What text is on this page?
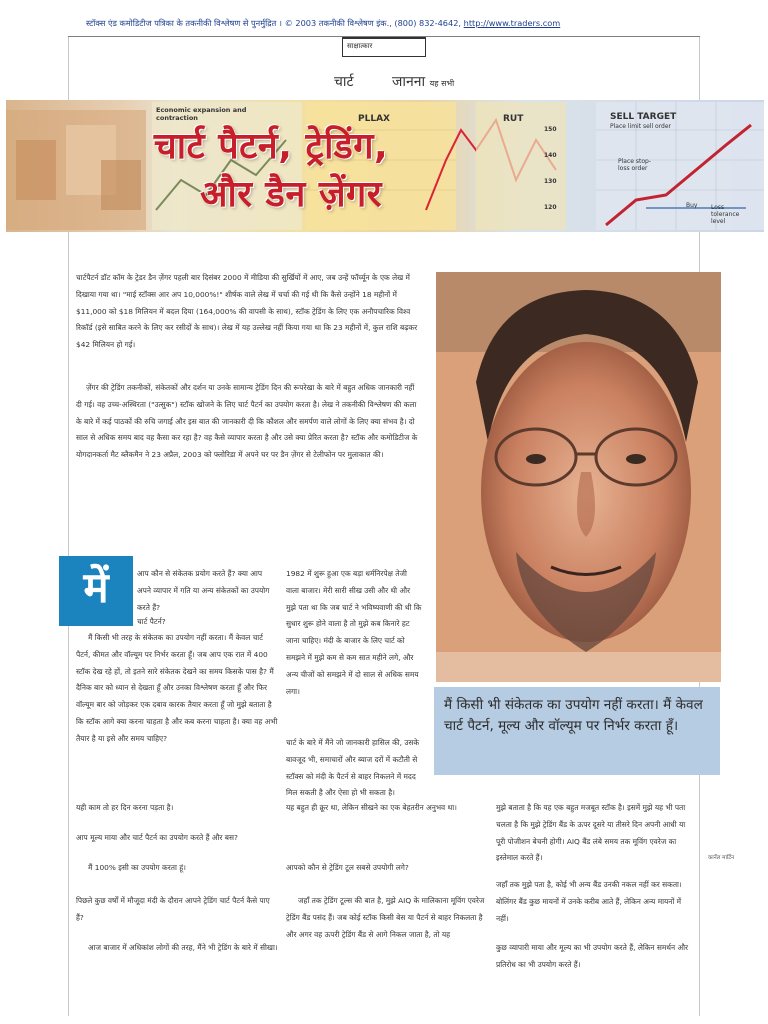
स्टॉक्स एंड कमोडिटीज पत्रिका के तकनीकी विश्लेषण से पुनर्मुद्रित । © 2003 तकनीकी विश्लेषण इंक., (800) 832-4642, http://www.traders.com
साक्षात्कार
चार्ट	जानना यह सभी
Economic expansion and contraction	PLLAX	RUT
150
140
130
120
SELL TARGET
Place limit sell order
Place stop-loss order
Buy Loss tolerance level
चार्ट पैटर्न, ट्रेडिंग,
और डैन ज़ेंगर
चार्टपैटर्न डॉट कॉम के ट्रेडर डैन ज़ेंगर पहली बार दिसंबर 2000 में मीडिया की सुर्खियों में आए, जब उन्हें फॉर्च्यून के एक लेख में दिखाया गया था। "माई स्टॉक्स आर अप 10,000%!" शीर्षक वाले लेख में चर्चा की गई थी कि कैसे उन्होंने 18 महीनों में $11,000 को $18 मिलियन में बदल दिया (164,000% की वापसी के साथ), स्टॉक ट्रेडिंग के लिए एक अनौपचारिक विश्व रिकॉर्ड (इसे साबित करने के लिए कर रसीदों के साथ)। लेख में यह उल्लेख नहीं किया गया था कि 23 महीनों में, कुल राशि बढ़कर $42 मिलियन हो गई।
ज़ेंगर की ट्रेडिंग तकनीकों, संकेतकों और दर्शन या उनके सामान्य ट्रेडिंग दिन की रूपरेखा के बारे में बहुत अधिक जानकारी नहीं दी गई। वह उच्च-अस्थिरता ("उत्सुक") स्टॉक खोजने के लिए चार्ट पैटर्न का उपयोग करता है। लेख ने तकनीकी विश्लेषण की कला के बारे में कई पाठकों की रुचि जगाई और इस बात की जानकारी दी कि कौशल और समर्पण वाले लोगों के लिए क्या संभव है। दो साल से अधिक समय बाद वह कैसा कर रहा है? वह कैसे व्यापार करता है और उसे क्या प्रेरित करता है? स्टॉक और कमोडिटीज के योगदानकर्ता मैट ब्लैकमैन ने 23 अप्रैल, 2003 को फ्लोरिडा में अपने घर पर डैन ज़ेंगर से टेलीफोन पर मुलाकात की।
मैं किसी भी संकेतक का उपयोग नहीं करता। मैं केवल चार्ट पैटर्न, मूल्य और वॉल्यूम पर निर्भर करता हूँ।
में	आप कौन से संकेतक प्रयोग करते हैं? क्या आप अपने व्यापार में गति या अन्य संकेतकों का उपयोग करते हैं?
चार्ट पैटर्न?
मैं किसी भी तरह के संकेतक का उपयोग नहीं करता। मैं केवल चार्ट पैटर्न, कीमत और वॉल्यूम पर निर्भर करता हूँ। जब आप एक रात में 400 स्टॉक देख रहे हों, तो इतने सारे संकेतक देखने का समय किसके पास है? मैं दैनिक बार को ध्यान से देखता हूँ और उनका विश्लेषण करता हूँ और फिर वॉल्यूम बार को जोड़कर एक दबाव कारक तैयार करता हूँ जो मुझे बताता है कि स्टॉक आगे क्या करना चाहता है और कब करना चाहता है। क्या वह अभी तैयार है या इसे और समय चाहिए?
1982 में शुरू हुआ एक बड़ा धर्मनिरपेक्ष तेजी वाला बाजार। मेरी सारी सीख उसी और थी और मुझे पता था कि जब चार्ट ने भविष्यवाणी की थी कि सुधार शुरू होने वाला है तो मुझे कब किनारे हट जाना चाहिए। मंदी के बाजार के लिए चार्ट को समझने में मुझे कम से कम सात महीने लगे, और अन्य चीजों को समझने में दो साल से अधिक समय लगा।
चार्ट के बारे में मैंने जो जानकारी हासिल की, उसके बावजूद भी, समाचारों और ब्याज दरों में कटौती से स्टॉक्स को मंदी के पैटर्न से बाहर निकलने में मदद मिल सकती है और ऐसा हो भी सकता है।
यही काम तो हर दिन करना पड़ता है।
आप मूल्य माया और चार्ट पैटर्न का उपयोग करते हैं और बस?
मैं 100% इसी का उपयोग करता हूं।
पिछले कुछ वर्षों में मौजूदा मंदी के दौरान आपने ट्रेडिंग चार्ट पैटर्न कैसे पाए हैं?
आज बाजार में अधिकांश लोगों की तरह, मैंने भी ट्रेडिंग के बारे में सीखा।
यह बहुत ही क्रूर था, लेकिन सीखने का एक बेहतरीन अनुभव था।
आपको कौन से ट्रेडिंग टूल सबसे उपयोगी लगे?
जहाँ तक ट्रेडिंग टूल्स की बात है, मुझे AIQ के मालिकाना मूविंग एवरेज ट्रेडिंग बैंड पसंद हैं। जब कोई स्टॉक किसी बेस या पैटर्न से बाहर निकलता है और अगर वह ऊपरी ट्रेडिंग बैंड से आगे निकल जाता है, तो यह
मुझे बताता है कि यह एक बहुत मजबूत स्टॉक है। इसमें मुझे यह भी पता चलता है कि मुझे ट्रेडिंग बैंड के ऊपर दूसरे या तीसरे दिन अपनी आधी या पूरी पोजीशन बेचनी होगी। AIQ बैंड लंबे समय तक मूविंग एवरेज का इस्तेमाल करते हैं।
जहाँ तक मुझे पता है, कोई भी अन्य बैंड उनकी नकल नहीं कर सकता। बोलिंगर बैंड कुछ मायनों में उनके करीब आते हैं, लेकिन अन्य मायनों में नहीं।
कुछ व्यापारी माया और मूल्य का भी उपयोग करते हैं, लेकिन समर्थन और प्रतिरोध का भी उपयोग करते हैं।
कार्नेल मार्टिन
